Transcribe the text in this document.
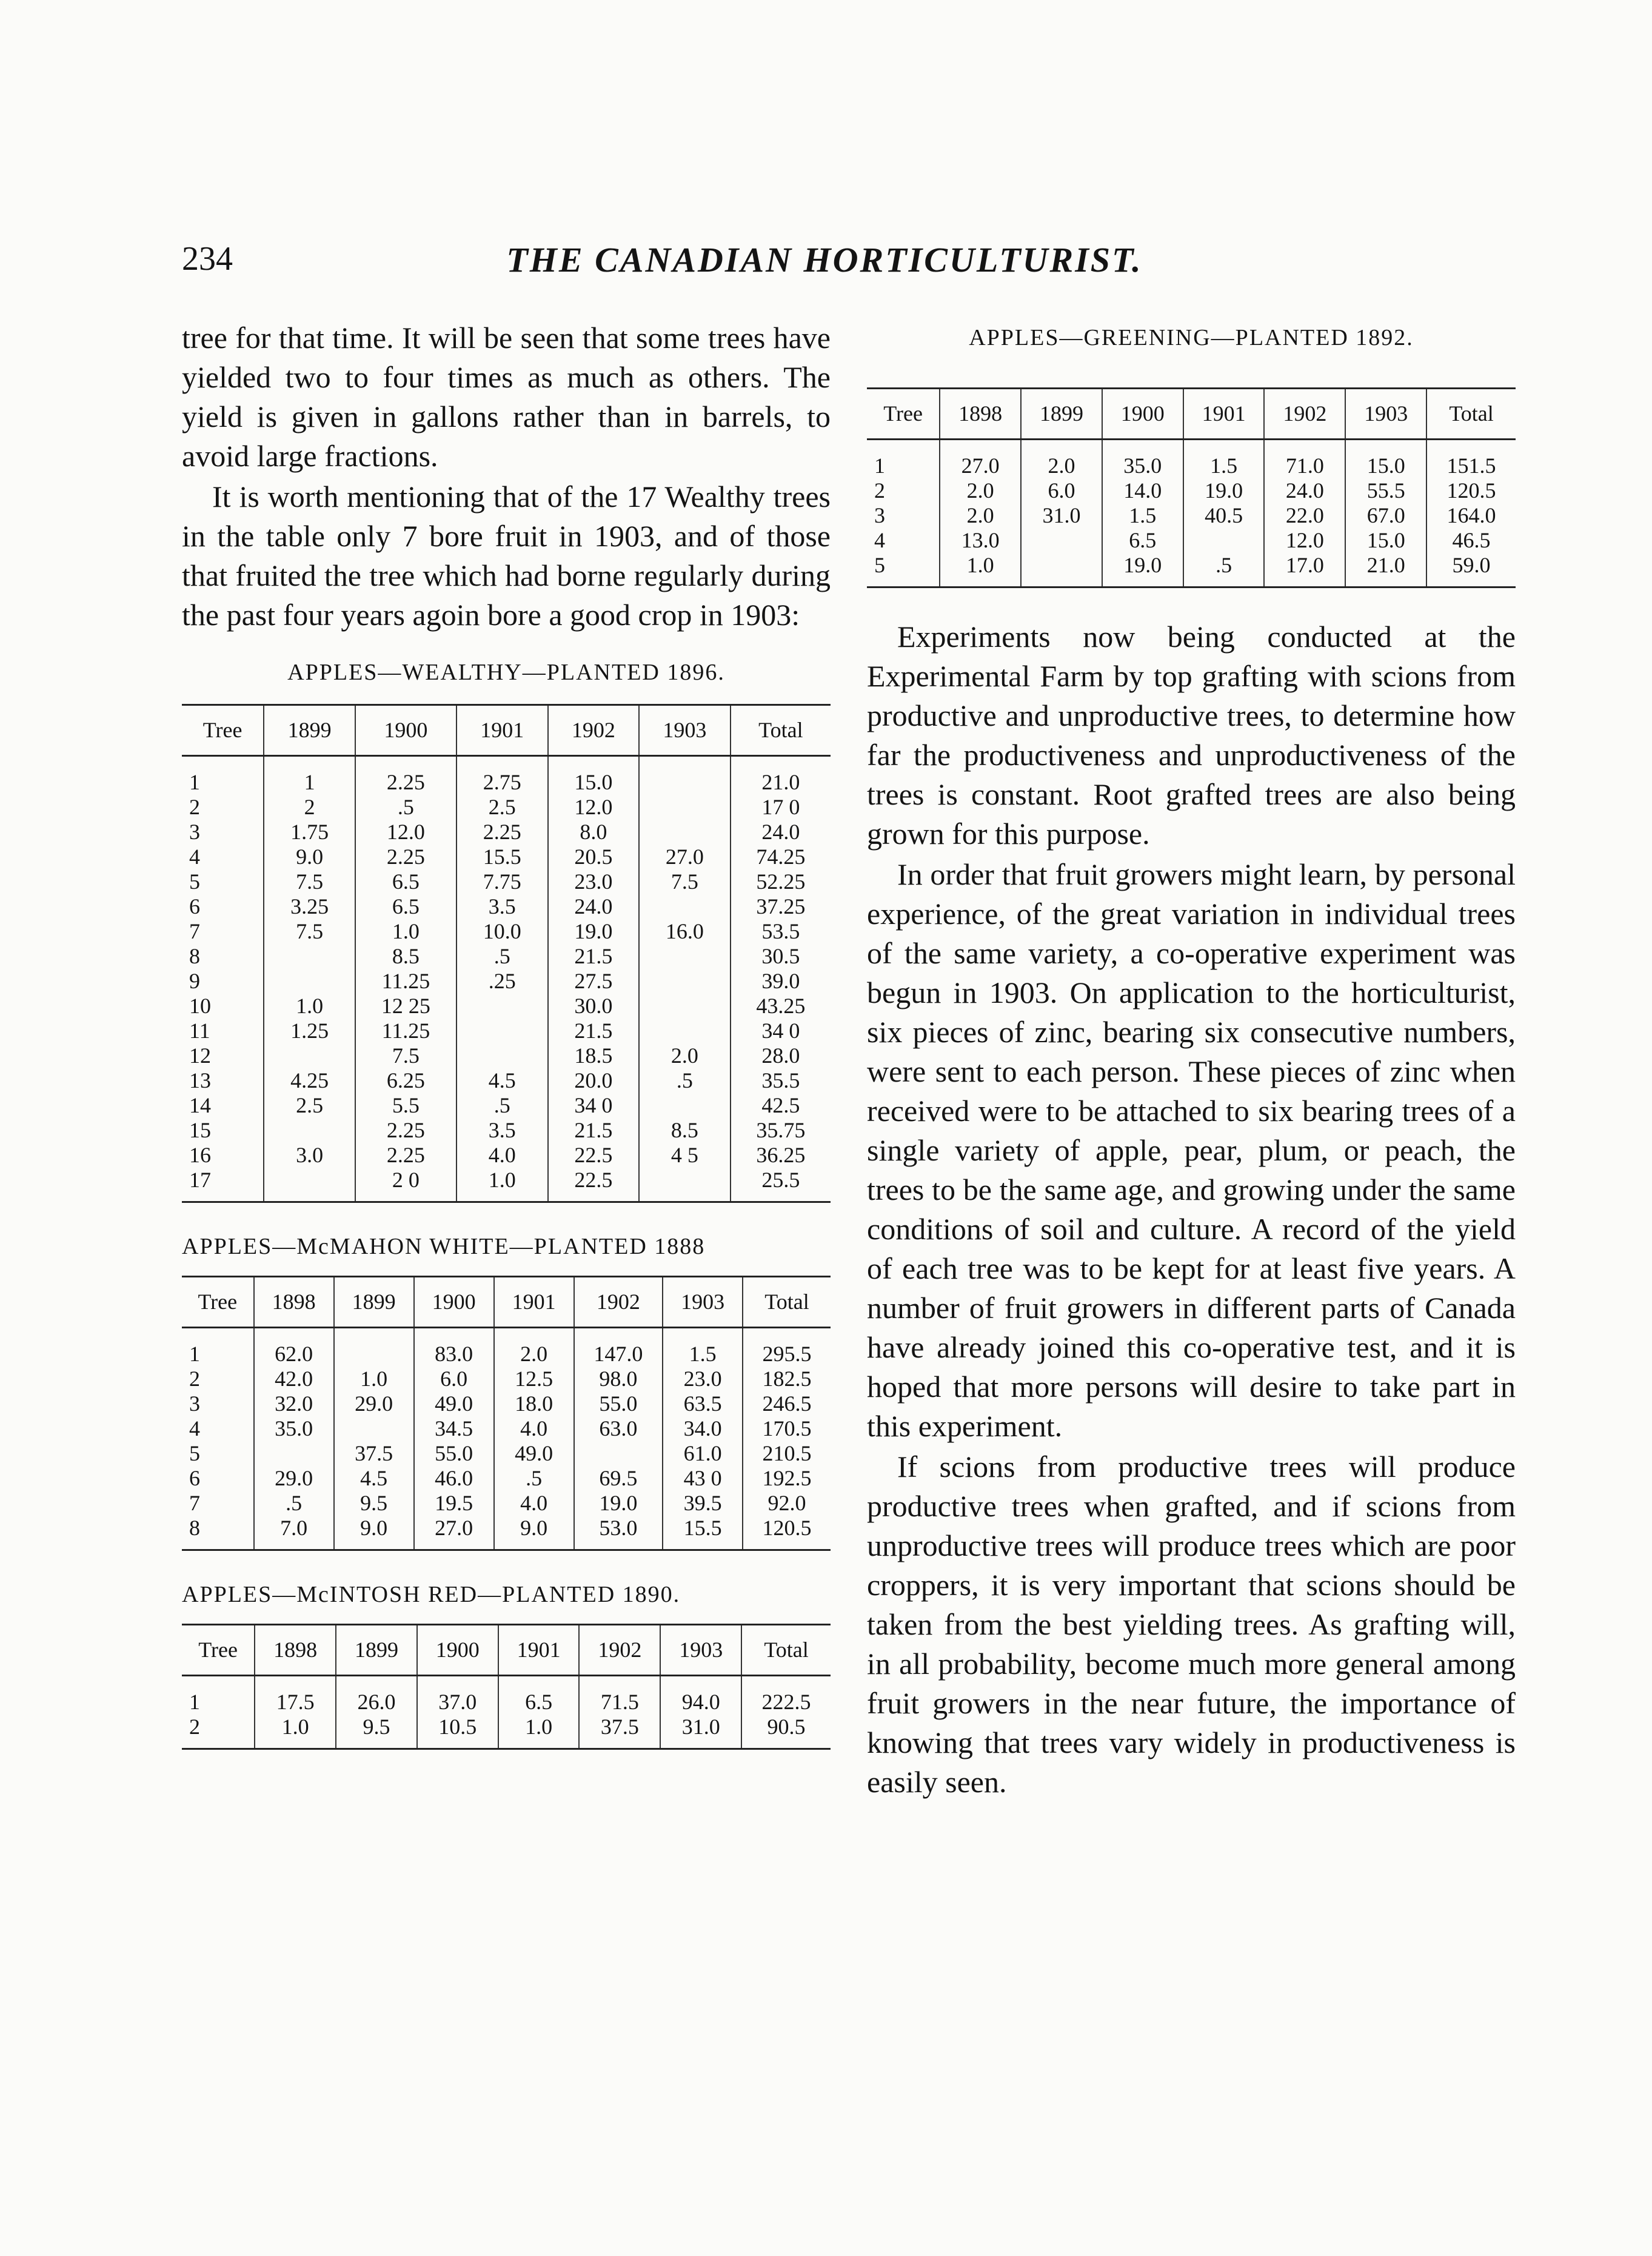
234	THE CANADIAN HORTICULTURIST.

tree for that time. It will be seen that some trees have yielded two to four times as much as others. The yield is given in gallons rather than in barrels, to avoid large fractions.

It is worth mentioning that of the 17 Wealthy trees in the table only 7 bore fruit in 1903, and of those that fruited the tree which had borne regularly during the past four years agoin bore a good crop in 1903:

APPLES—WEALTHY—PLANTED 1896.
Tree	1899	1900	1901	1902	1903	Total
1	1	2.25	2.75	15.0		21.0
2	2	.5	2.5	12.0		17 0
3	1.75	12.0	2.25	8.0		24.0
4	9.0	2.25	15.5	20.5	27.0	74.25
5	7.5	6.5	7.75	23.0	7.5	52.25
6	3.25	6.5	3.5	24.0		37.25
7	7.5	1.0	10.0	19.0	16.0	53.5
8		8.5	.5	21.5		30.5
9		11.25	.25	27.5		39.0
10	1.0	12 25		30.0		43.25
11	1.25	11.25		21.5		34 0
12		7.5		18.5	2.0	28.0
13	4.25	6.25	4.5	20.0	.5	35.5
14	2.5	5.5	.5	34 0		42.5
15		2.25	3.5	21.5	8.5	35.75
16	3.0	2.25	4.0	22.5	4 5	36.25
17		2 0	1.0	22.5		25.5
APPLES—McMAHON WHITE—PLANTED 1888
Tree	1898	1899	1900	1901	1902	1903	Total
1	62.0		83.0	2.0	147.0	1.5	295.5
2	42.0	1.0	6.0	12.5	98.0	23.0	182.5
3	32.0	29.0	49.0	18.0	55.0	63.5	246.5
4	35.0		34.5	4.0	63.0	34.0	170.5
5		37.5	55.0	49.0		61.0	210.5
6	29.0	4.5	46.0	.5	69.5	43 0	192.5
7	.5	9.5	19.5	4.0	19.0	39.5	92.0
8	7.0	9.0	27.0	9.0	53.0	15.5	120.5
APPLES—McINTOSH RED—PLANTED 1890.
Tree	1898	1899	1900	1901	1902	1903	Total
1	17.5	26.0	37.0	6.5	71.5	94.0	222.5
2	1.0	9.5	10.5	1.0	37.5	31.0	90.5
APPLES—GREENING—PLANTED 1892.
Tree	1898	1899	1900	1901	1902	1903	Total
1	27.0	2.0	35.0	1.5	71.0	15.0	151.5
2	2.0	6.0	14.0	19.0	24.0	55.5	120.5
3	2.0	31.0	1.5	40.5	22.0	67.0	164.0
4	13.0		6.5		12.0	15.0	46.5
5	1.0		19.0	.5	17.0	21.0	59.0

Experiments now being conducted at the Experimental Farm by top grafting with scions from productive and unproductive trees, to determine how far the productiveness and unproductiveness of the trees is constant. Root grafted trees are also being grown for this purpose.

In order that fruit growers might learn, by personal experience, of the great variation in individual trees of the same variety, a co-operative experiment was begun in 1903. On application to the horticulturist, six pieces of zinc, bearing six consecutive numbers, were sent to each person. These pieces of zinc when received were to be attached to six bearing trees of a single variety of apple, pear, plum, or peach, the trees to be the same age, and growing under the same conditions of soil and culture. A record of the yield of each tree was to be kept for at least five years. A number of fruit growers in different parts of Canada have already joined this co-operative test, and it is hoped that more persons will desire to take part in this experiment.

If scions from productive trees will produce productive trees when grafted, and if scions from unproductive trees will produce trees which are poor croppers, it is very important that scions should be taken from the best yielding trees. As grafting will, in all probability, become much more general among fruit growers in the near future, the importance of knowing that trees vary widely in productiveness is easily seen.
